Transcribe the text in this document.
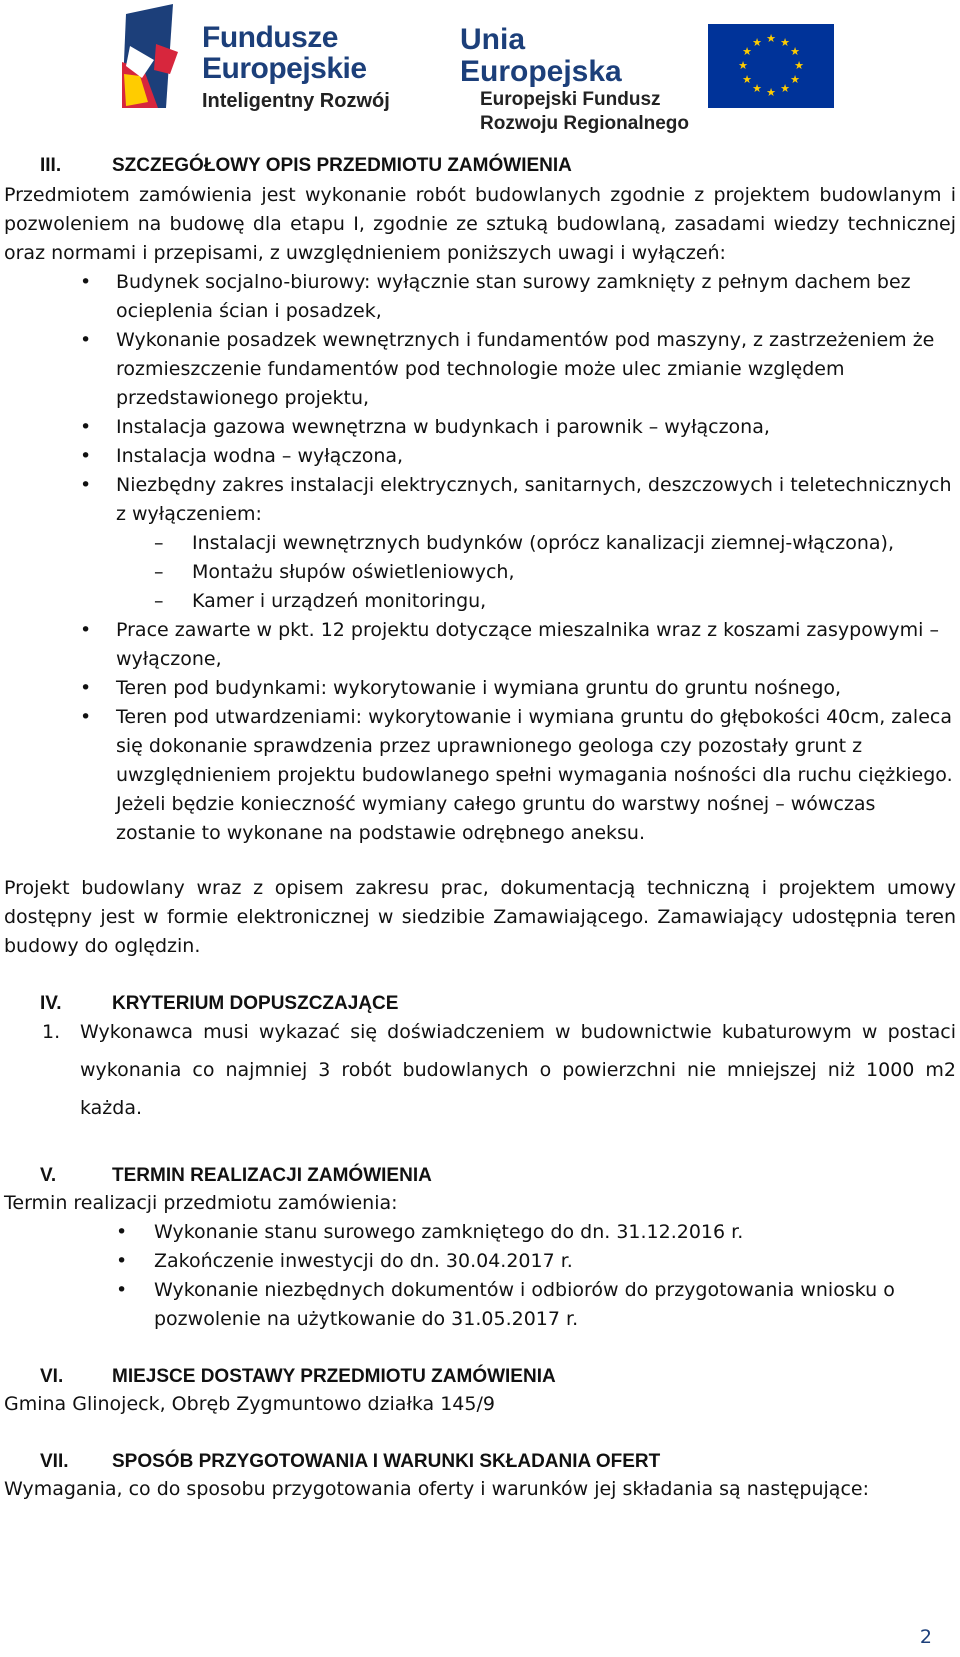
Fundusze
Europejskie
Inteligentny Rozwój
Unia Europejska
Europejski Fundusz
Rozwoju Regionalnego
★ ★
★
★
★
★
★
★
★
★
★
★
III.	SZCZEGÓŁOWY OPIS PRZEDMIOTU ZAMÓWIENIA

Przedmiotem zamówienia jest wykonanie robót budowlanych zgodnie z projektem budowlanym i pozwoleniem na budowę dla etapu I, zgodnie ze sztuką budowlaną, zasadami wiedzy technicznej oraz normami i przepisami, z uwzględnieniem poniższych uwagi i wyłączeń:

• Budynek socjalno-biurowy: wyłącznie stan surowy zamknięty z pełnym dachem bez ocieplenia ścian i posadzek,
• Wykonanie posadzek wewnętrznych i fundamentów pod maszyny, z zastrzeżeniem że rozmieszczenie fundamentów pod technologie może ulec zmianie względem przedstawionego projektu,
• Instalacja gazowa wewnętrzna w budynkach i parownik – wyłączona,
• Instalacja wodna – wyłączona,
• Niezbędny zakres instalacji elektrycznych, sanitarnych, deszczowych i teletechnicznych z wyłączeniem:
– Instalacji wewnętrznych budynków (oprócz kanalizacji ziemnej-włączona),
– Montażu słupów oświetleniowych,
– Kamer i urządzeń monitoringu,
• Prace zawarte w pkt. 12 projektu dotyczące mieszalnika wraz z koszami zasypowymi – wyłączone,
• Teren pod budynkami: wykorytowanie i wymiana gruntu do gruntu nośnego,
• Teren pod utwardzeniami: wykorytowanie i wymiana gruntu do głębokości 40cm, zaleca się dokonanie sprawdzenia przez uprawnionego geologa czy pozostały grunt z uwzględnieniem projektu budowlanego spełni wymagania nośności dla ruchu ciężkiego. Jeżeli będzie konieczność wymiany całego gruntu do warstwy nośnej – wówczas zostanie to wykonane na podstawie odrębnego aneksu.

Projekt budowlany wraz z opisem zakresu prac, dokumentacją techniczną i projektem umowy dostępny jest w formie elektronicznej w siedzibie Zamawiającego. Zamawiający udostępnia teren budowy do oględzin.

IV.	KRYTERIUM DOPUSZCZAJĄCE
1. Wykonawca musi wykazać się doświadczeniem w budownictwie kubaturowym w postaci wykonania co najmniej 3 robót budowlanych o powierzchni nie mniejszej niż 1000 m2 każda.
V.	TERMIN REALIZACJI ZAMÓWIENIA

Termin realizacji przedmiotu zamówienia:

• Wykonanie stanu surowego zamkniętego do dn. 31.12.2016 r.
• Zakończenie inwestycji do dn. 30.04.2017 r.
• Wykonanie niezbędnych dokumentów i odbiorów do przygotowania wniosku o pozwolenie na użytkowanie do 31.05.2017 r.
VI.	MIEJSCE DOSTAWY PRZEDMIOTU ZAMÓWIENIA

Gmina Glinojeck, Obręb Zygmuntowo działka 145/9

VII.	SPOSÓB PRZYGOTOWANIA I WARUNKI SKŁADANIA OFERT

Wymagania, co do sposobu przygotowania oferty i warunków jej składania są następujące:

2
